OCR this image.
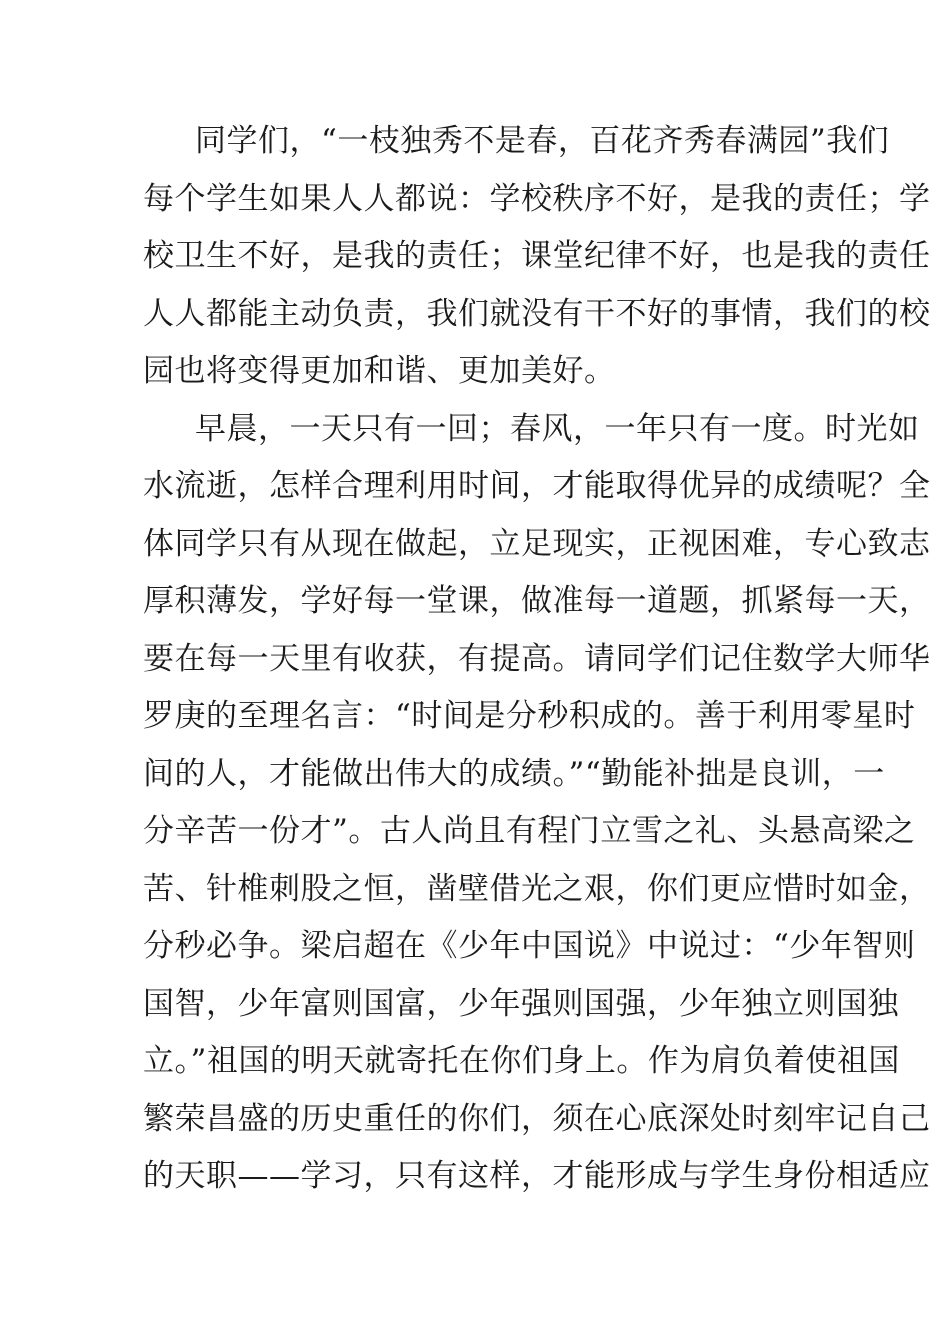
同学们，“一枝独秀不是春，百花齐秀春满园”我们
每个学生如果人人都说：学校秩序不好，是我的责任；学
校卫生不好，是我的责任；课堂纪律不好，也是我的责任
人人都能主动负责，我们就没有干不好的事情，我们的校
园也将变得更加和谐、更加美好。
早晨，一天只有一回；春风，一年只有一度。时光如
水流逝，怎样合理利用时间，才能取得优异的成绩呢？全
体同学只有从现在做起，立足现实，正视困难，专心致志
厚积薄发，学好每一堂课，做准每一道题，抓紧每一天，
要在每一天里有收获，有提高。请同学们记住数学大师华
罗庚的至理名言：“时间是分秒积成的。善于利用零星时
间的人，才能做出伟大的成绩。”“勤能补拙是良训，一
分辛苦一份才”。古人尚且有程门立雪之礼、头悬高梁之
苦、针椎刺股之恒，凿壁借光之艰，你们更应惜时如金，
分秒必争。梁启超在《少年中国说》中说过：“少年智则
国智，少年富则国富，少年强则国强，少年独立则国独
立。”祖国的明天就寄托在你们身上。作为肩负着使祖国
繁荣昌盛的历史重任的你们，须在心底深处时刻牢记自己
的天职——学习，只有这样，才能形成与学生身份相适应
